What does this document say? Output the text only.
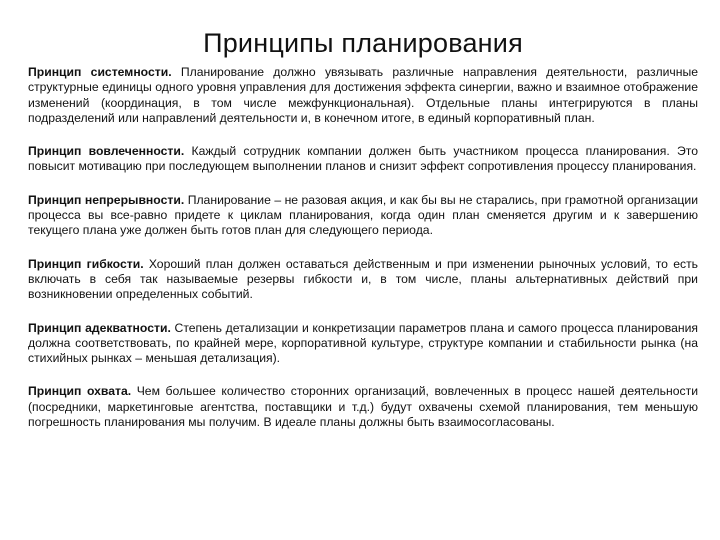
Принципы планирования

Принцип системности. Планирование должно увязывать различные направления деятельности, различные структурные единицы одного уровня управления для достижения эффекта синергии, важно и взаимное отображение изменений (координация, в том числе межфункциональная). Отдельные планы интегрируются в планы подразделений или направлений деятельности и, в конечном итоге, в единый корпоративный план.

Принцип вовлеченности. Каждый сотрудник компании должен быть участником процесса планирования. Это повысит мотивацию при последующем выполнении планов и снизит эффект сопротивления процессу планирования.

Принцип непрерывности. Планирование – не разовая акция, и как бы вы не старались, при грамотной организации процесса вы все-равно придете к циклам планирования, когда один план сменяется другим и к завершению текущего плана уже должен быть готов план для следующего периода.

Принцип гибкости. Хороший план должен оставаться действенным и при изменении рыночных условий, то есть включать в себя так называемые резервы гибкости и, в том числе, планы альтернативных действий при возникновении определенных событий.

Принцип адекватности. Степень детализации и конкретизации параметров плана и самого процесса планирования должна соответствовать, по крайней мере, корпоративной культуре, структуре компании и стабильности рынка (на стихийных рынках – меньшая детализация).

Принцип охвата. Чем большее количество сторонних организаций, вовлеченных в процесс нашей деятельности (посредники, маркетинговые агентства, поставщики и т.д.) будут охвачены схемой планирования, тем меньшую погрешность планирования мы получим. В идеале планы должны быть взаимосогласованы.
